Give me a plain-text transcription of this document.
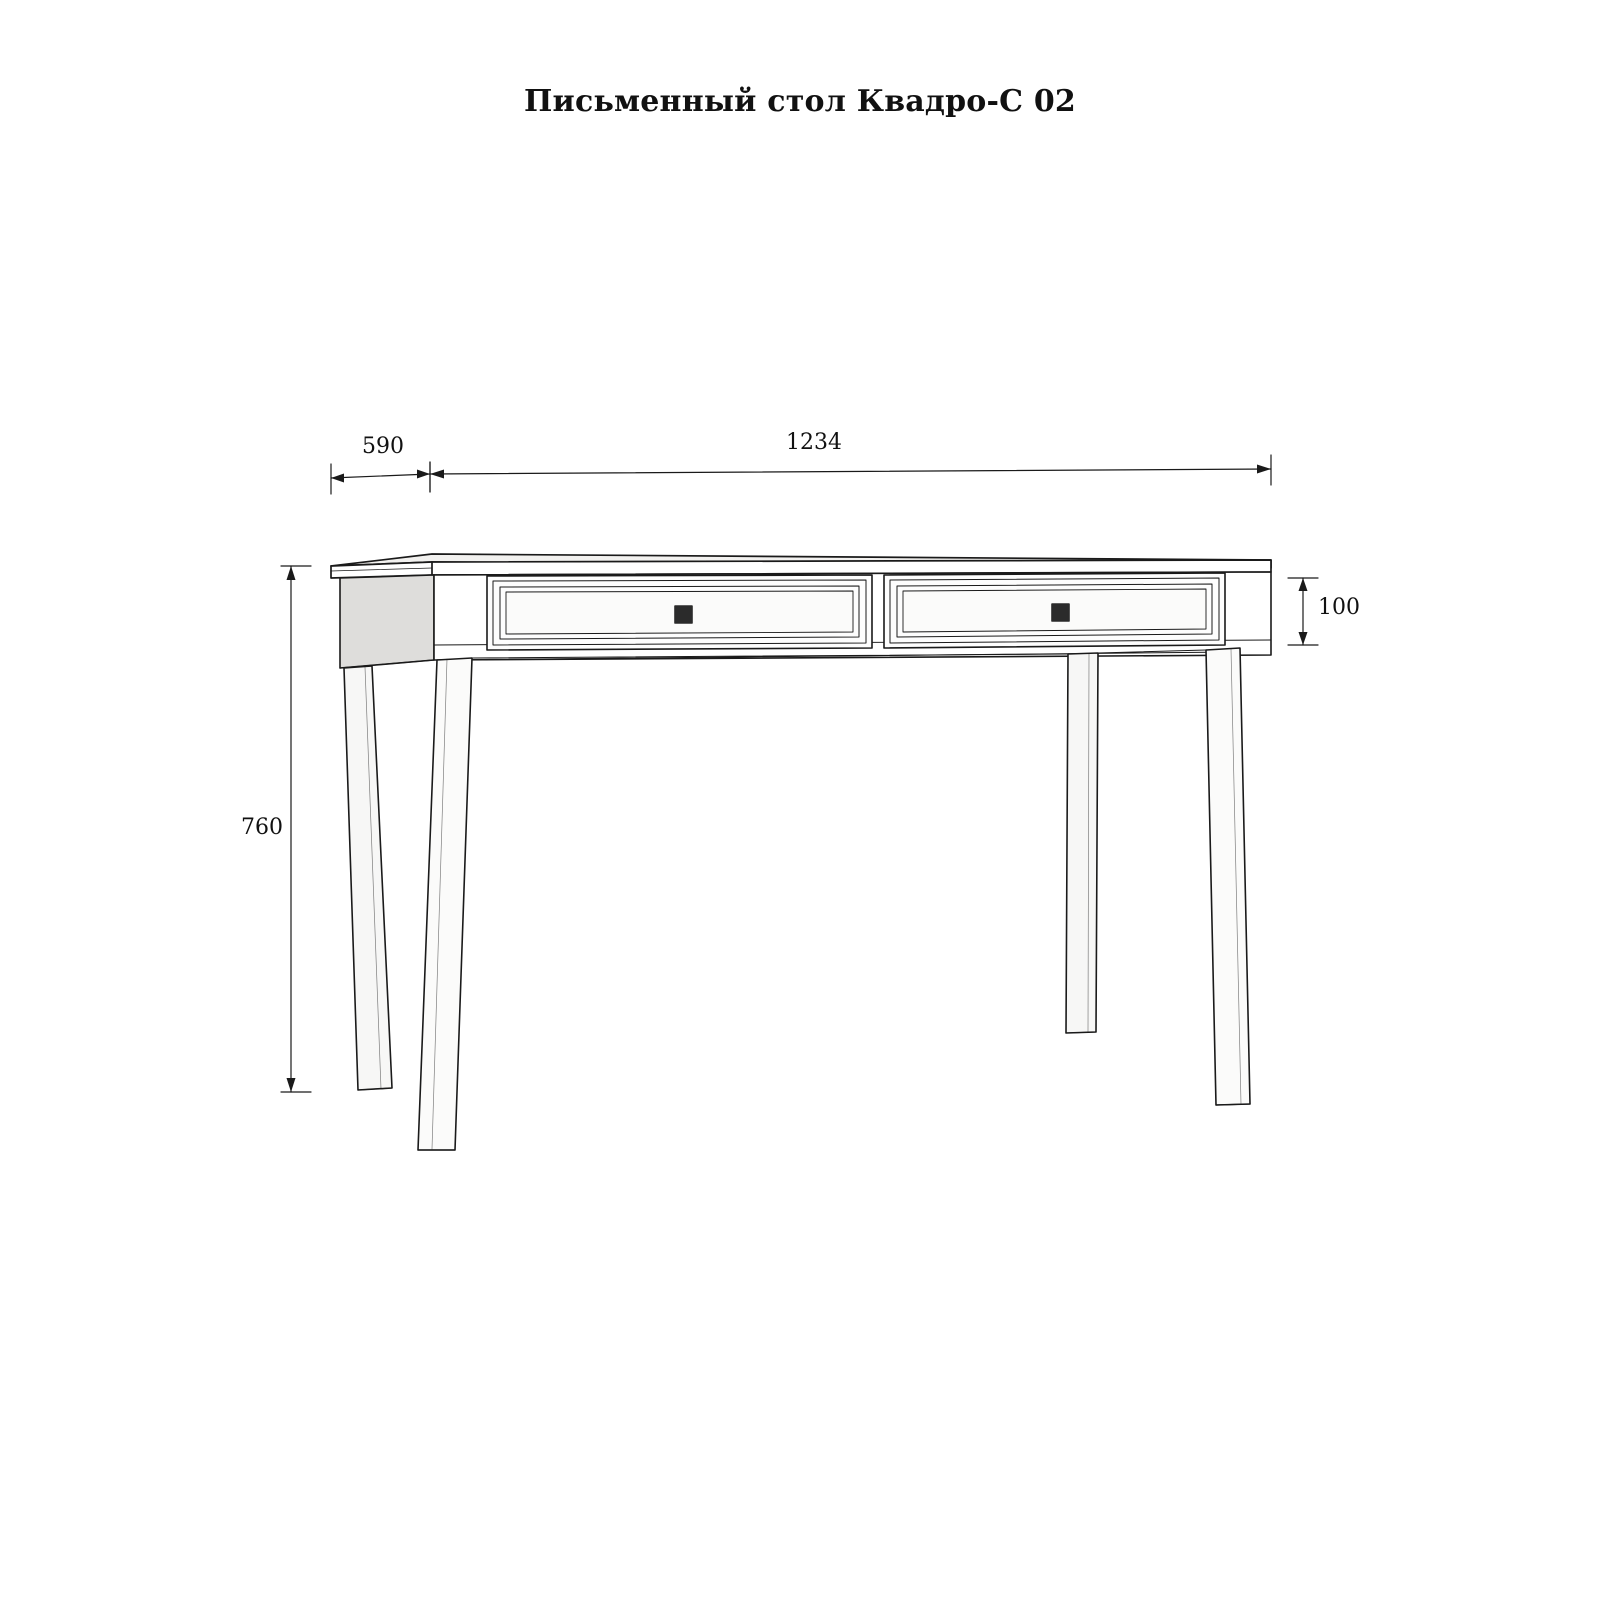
Письменный стол Квадро-С 02
590	1234
100
760
